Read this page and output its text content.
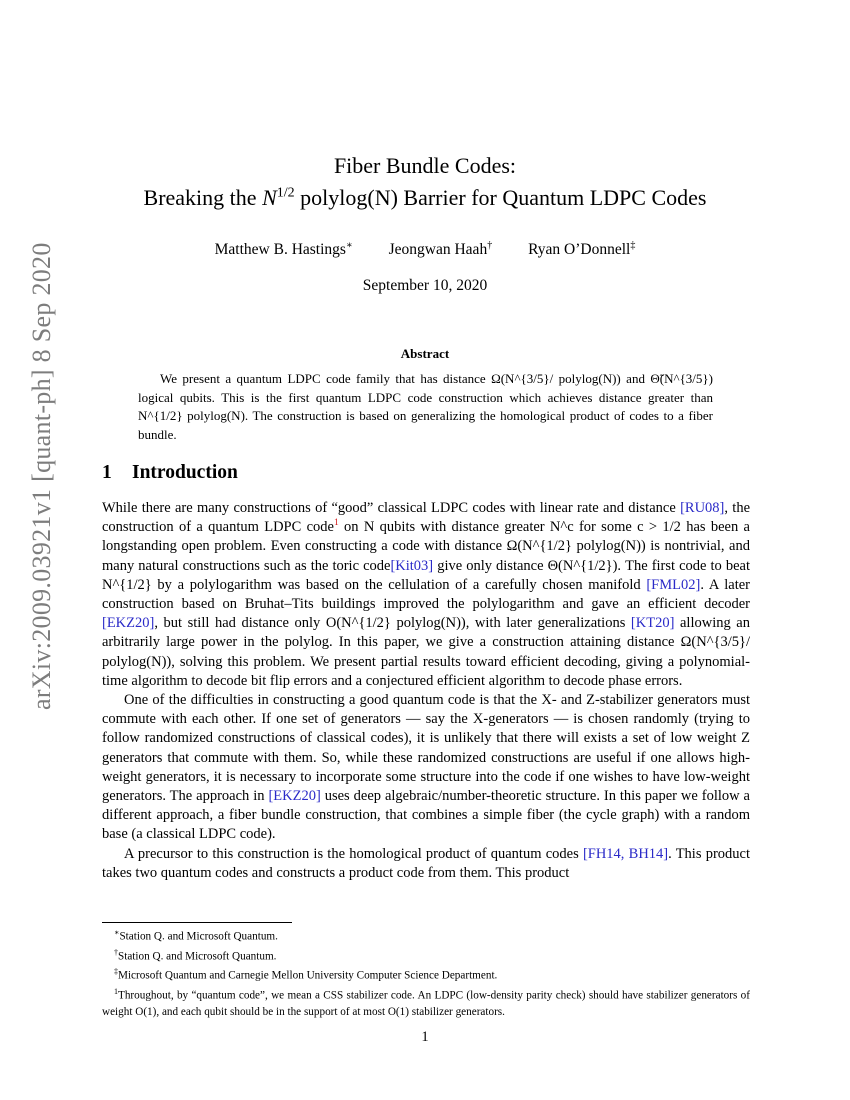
arXiv:2009.03921v1 [quant-ph] 8 Sep 2020
Fiber Bundle Codes:
Breaking the $N^{1/2}$ polylog(N) Barrier for Quantum LDPC Codes
Matthew B. Hastings∗ Jeongwan Haah† Ryan O’Donnell‡
September 10, 2020
Abstract
We present a quantum LDPC code family that has distance Ω(N^{3/5}/ polylog(N)) and Θ̃(N^{3/5}) logical qubits. This is the first quantum LDPC code construction which achieves distance greater than N^{1/2} polylog(N). The construction is based on generalizing the homological product of codes to a fiber bundle.
1 Introduction

While there are many constructions of “good” classical LDPC codes with linear rate and distance [RU08], the construction of a quantum LDPC code$^1$ on N qubits with distance greater N^c for some c > 1/2 has been a longstanding open problem. Even constructing a code with distance Ω(N^{1/2} polylog(N)) is nontrivial, and many natural constructions such as the toric code[Kit03] give only distance Θ(N^{1/2}). The first code to beat N^{1/2} by a polylogarithm was based on the cellulation of a carefully chosen manifold [FML02]. A later construction based on Bruhat–Tits buildings improved the polylogarithm and gave an efficient decoder [EKZ20], but still had distance only O(N^{1/2} polylog(N)), with later generalizations [KT20] allowing an arbitrarily large power in the polylog. In this paper, we give a construction attaining distance Ω(N^{3/5}/ polylog(N)), solving this problem. We present partial results toward efficient decoding, giving a polynomial-time algorithm to decode bit flip errors and a conjectured efficient algorithm to decode phase errors.

One of the difficulties in constructing a good quantum code is that the X- and Z-stabilizer generators must commute with each other. If one set of generators — say the X-generators — is chosen randomly (trying to follow randomized constructions of classical codes), it is unlikely that there will exists a set of low weight Z generators that commute with them. So, while these randomized constructions are useful if one allows high-weight generators, it is necessary to incorporate some structure into the code if one wishes to have low-weight generators. The approach in [EKZ20] uses deep algebraic/number-theoretic structure. In this paper we follow a different approach, a fiber bundle construction, that combines a simple fiber (the cycle graph) with a random base (a classical LDPC code).

A precursor to this construction is the homological product of quantum codes [FH14, BH14]. This product takes two quantum codes and constructs a product code from them. This product

∗Station Q. and Microsoft Quantum.
†Station Q. and Microsoft Quantum.
‡Microsoft Quantum and Carnegie Mellon University Computer Science Department.
$^1$Throughout, by “quantum code”, we mean a CSS stabilizer code. An LDPC (low-density parity check) should have stabilizer generators of weight O(1), and each qubit should be in the support of at most O(1) stabilizer generators.
1
